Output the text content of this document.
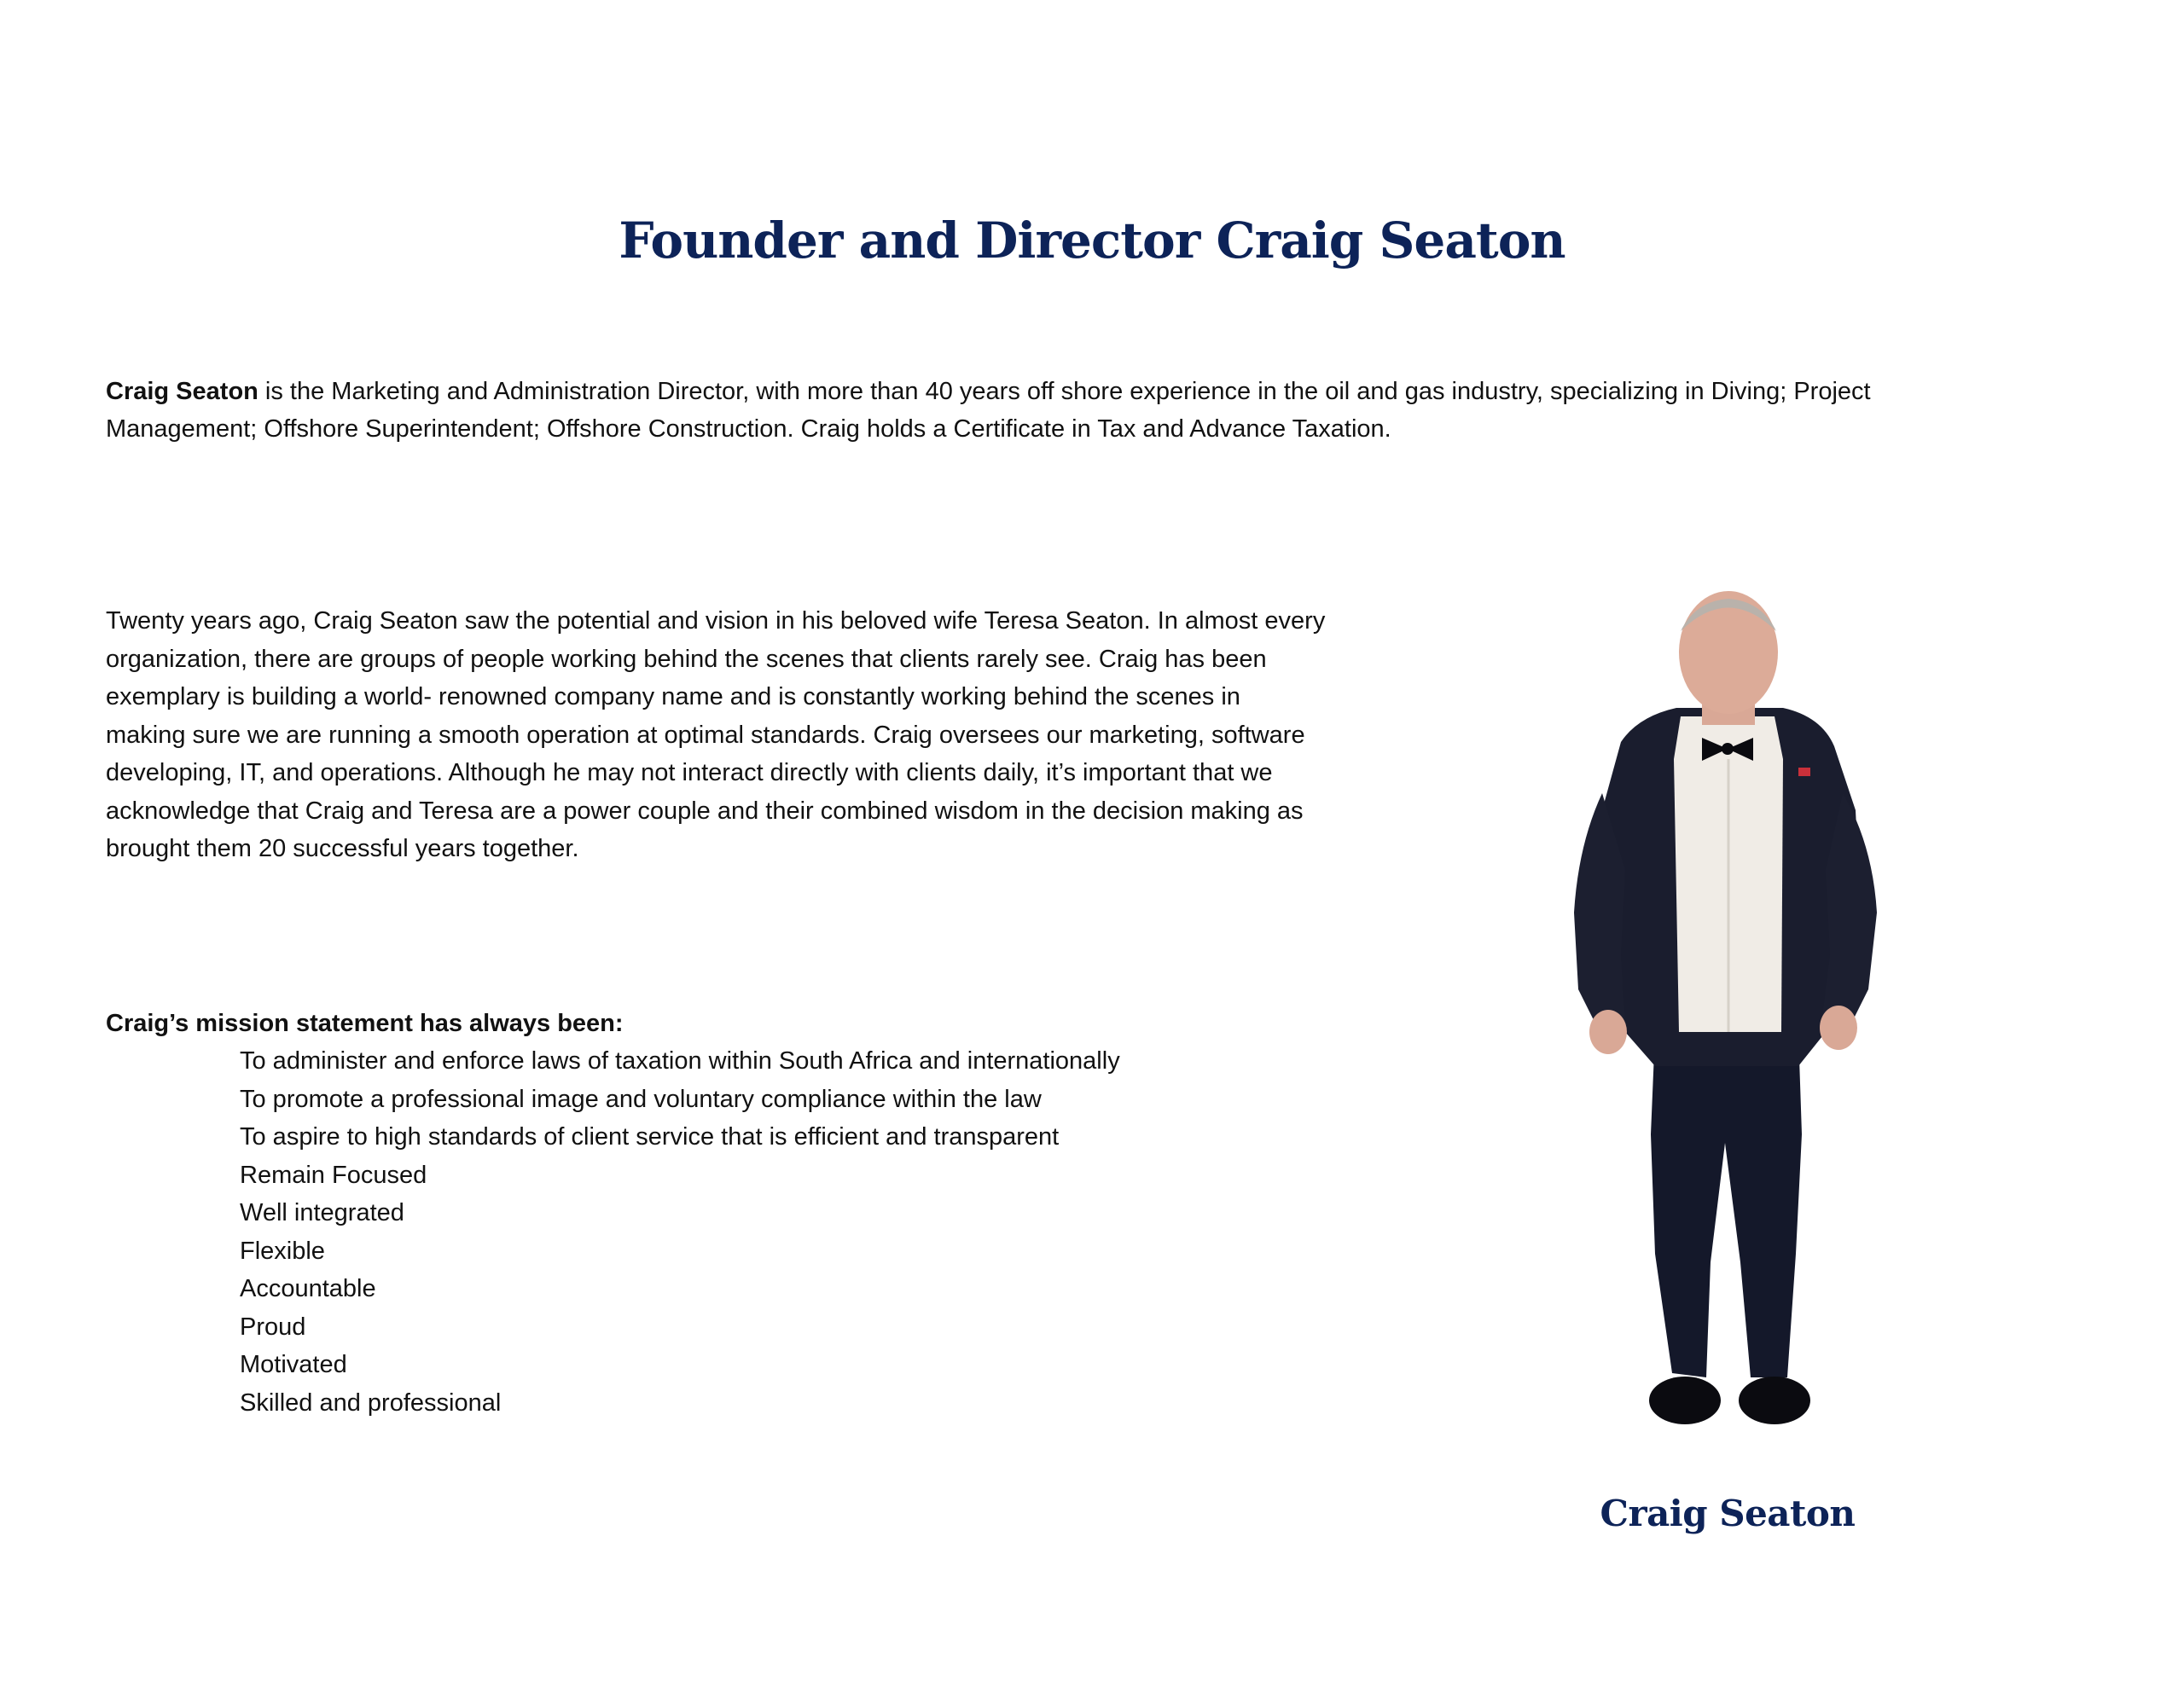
Founder and Director Craig Seaton

Craig Seaton is the Marketing and Administration Director, with more than 40 years off shore experience in the oil and gas industry, specializing in Diving; Project Management; Offshore Superintendent; Offshore Construction. Craig holds a Certificate in Tax and Advance Taxation.

Twenty years ago, Craig Seaton saw the potential and vision in his beloved wife Teresa Seaton. In almost every organization, there are groups of people working behind the scenes that clients rarely see. Craig has been exemplary is building a world- renowned company name and is constantly working behind the scenes in making sure we are running a smooth operation at optimal standards. Craig oversees our marketing, software developing, IT, and operations. Although he may not interact directly with clients daily, it’s important that we acknowledge that Craig and Teresa are a power couple and their combined wisdom in the decision making as brought them 20 successful years together.

Craig’s mission statement has always been:

To administer and enforce laws of taxation within South Africa and internationally
To promote a professional image and voluntary compliance within the law
To aspire to high standards of client service that is efficient and transparent
Remain Focused
Well integrated
Flexible
Accountable
Proud
Motivated
Skilled and professional

Craig Seaton
